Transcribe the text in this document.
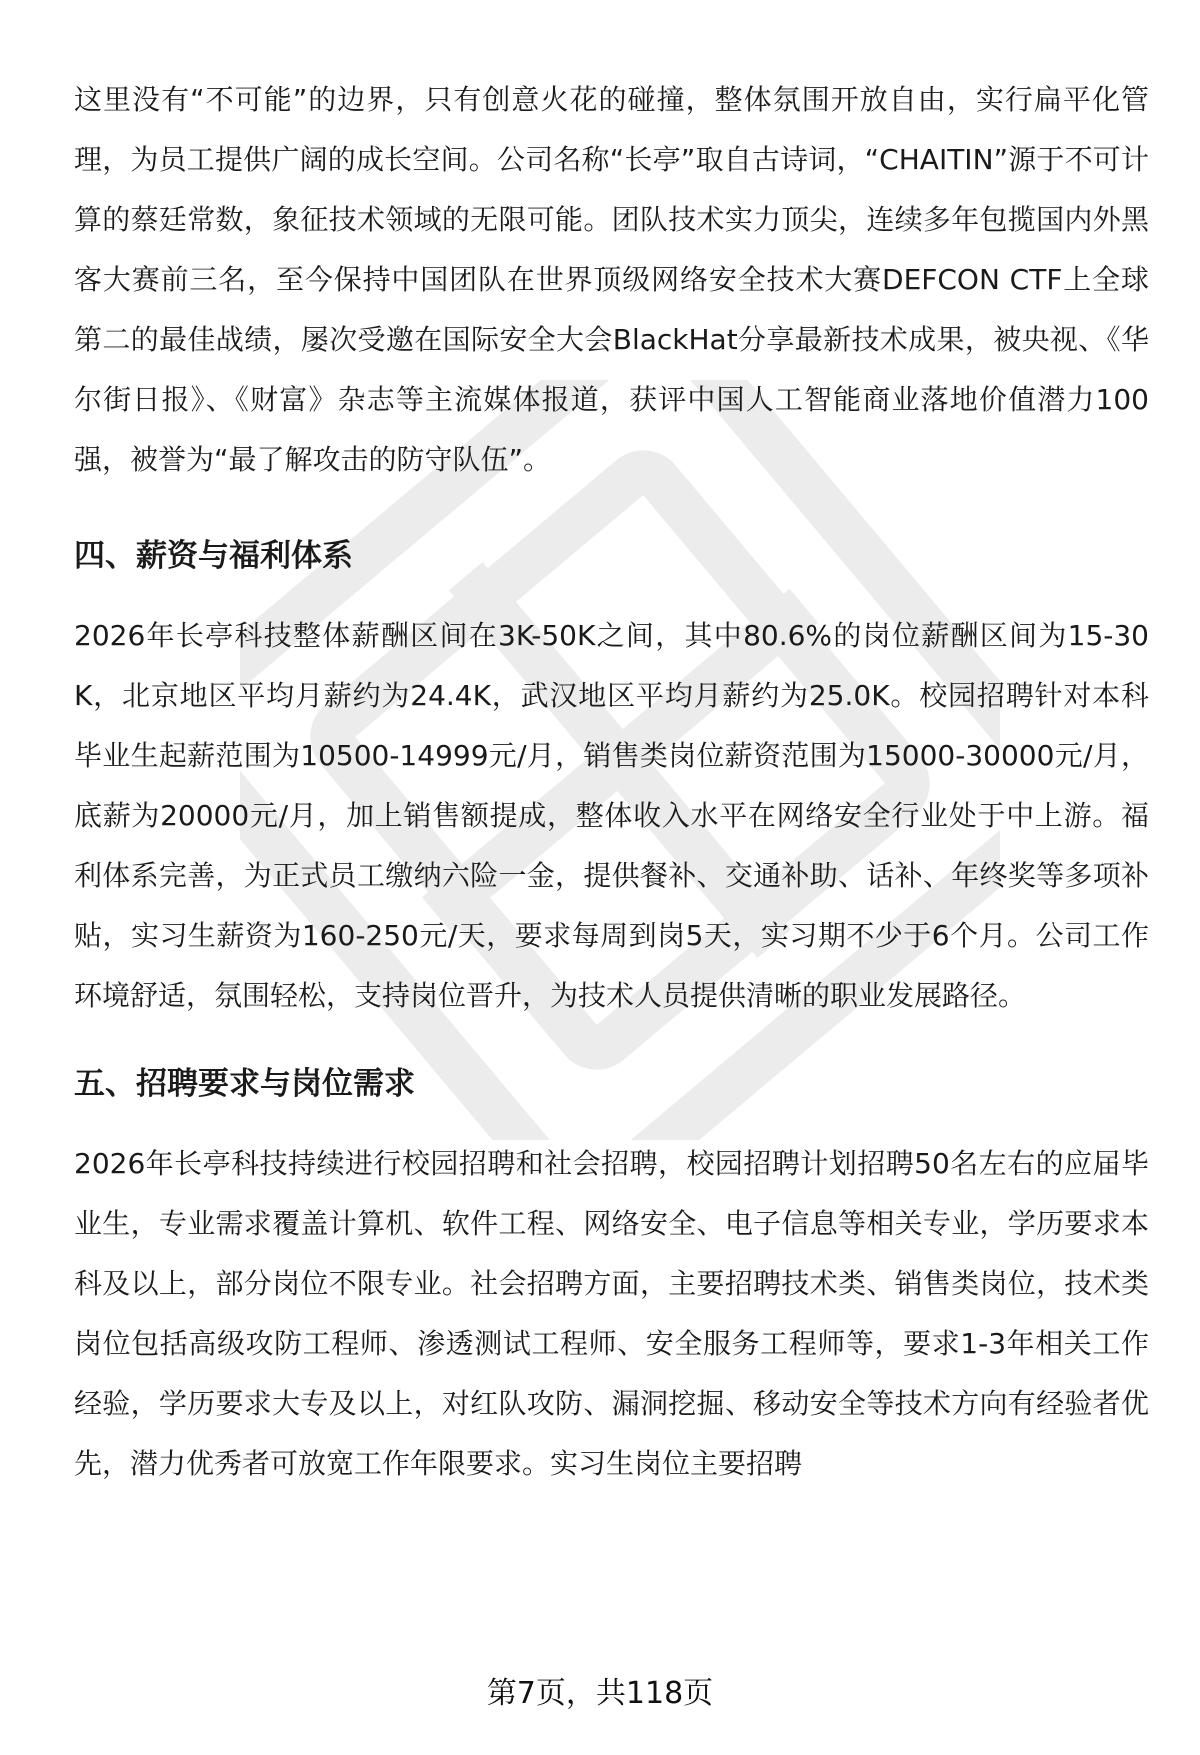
这里没有“不可能”的边界，只有创意火花的碰撞，整体氛围开放自由，实行扁平化管理，为员工提供广阔的成长空间。公司名称“长亭”取自古诗词，“CHAITIN”源于不可计算的蔡廷常数，象征技术领域的无限可能。团队技术实力顶尖，连续多年包揽国内外黑客大赛前三名，至今保持中国团队在世界顶级网络安全技术大赛DEFCON CTF上全球第二的最佳战绩，屡次受邀在国际安全大会BlackHat分享最新技术成果，被央视、《华尔街日报》、《财富》杂志等主流媒体报道，获评中国人工智能商业落地价值潜力100强，被誉为“最了解攻击的防守队伍”。

四、薪资与福利体系

2026年长亭科技整体薪酬区间在3K-50K之间，其中80.6%的岗位薪酬区间为15-30K，北京地区平均月薪约为24.4K，武汉地区平均月薪约为25.0K。校园招聘针对本科毕业生起薪范围为10500-14999元/月，销售类岗位薪资范围为15000-30000元/月，底薪为20000元/月，加上销售额提成，整体收入水平在网络安全行业处于中上游。福利体系完善，为正式员工缴纳六险一金，提供餐补、交通补助、话补、年终奖等多项补贴，实习生薪资为160-250元/天，要求每周到岗5天，实习期不少于6个月。公司工作环境舒适，氛围轻松，支持岗位晋升，为技术人员提供清晰的职业发展路径。

五、招聘要求与岗位需求

2026年长亭科技持续进行校园招聘和社会招聘，校园招聘计划招聘50名左右的应届毕业生，专业需求覆盖计算机、软件工程、网络安全、电子信息等相关专业，学历要求本科及以上，部分岗位不限专业。社会招聘方面，主要招聘技术类、销售类岗位，技术类岗位包括高级攻防工程师、渗透测试工程师、安全服务工程师等，要求1-3年相关工作经验，学历要求大专及以上，对红队攻防、漏洞挖掘、移动安全等技术方向有经验者优先，潜力优秀者可放宽工作年限要求。实习生岗位主要招聘

第7页，共118页
